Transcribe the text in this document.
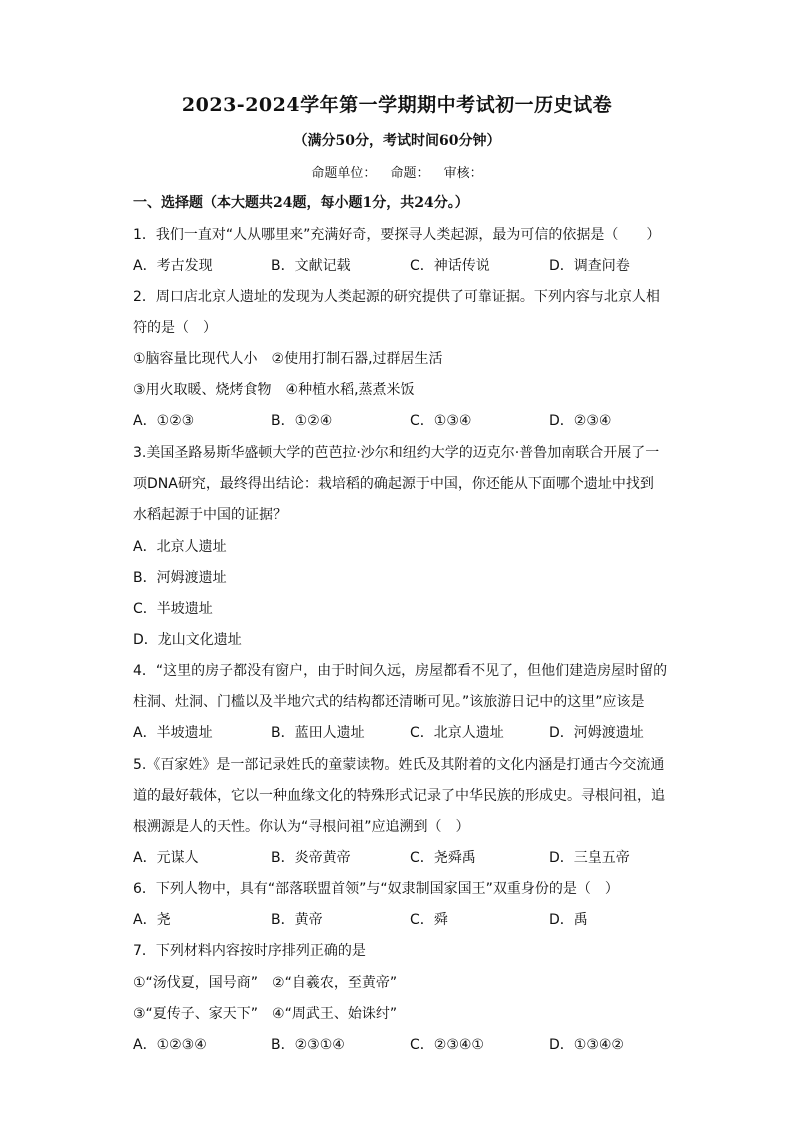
2023-2024学年第一学期期中考试初一历史试卷
（满分50分，考试时间60分钟）
命题单位： 命题： 审核：
一、选择题（本大题共24题，每小题1分，共24分。）
1．我们一直对“人从哪里来”充满好奇，要探寻人类起源，最为可信的依据是（　　）
A．考古发现	B．文献记载	C．神话传说	D．调查问卷
2．周口店北京人遗址的发现为人类起源的研究提供了可靠证据。下列内容与北京人相
符的是（　）
①脑容量比现代人小　②使用打制石器,过群居生活
③用火取暖、烧烤食物　④种植水稻,蒸煮米饭
A．①②③	B．①②④	C．①③④	D．②③④
3.美国圣路易斯华盛顿大学的芭芭拉·沙尔和纽约大学的迈克尔·普鲁加南联合开展了一
项DNA研究，最终得出结论：栽培稻的确起源于中国，你还能从下面哪个遗址中找到
水稻起源于中国的证据？
A．北京人遗址
B．河姆渡遗址
C．半坡遗址
D．龙山文化遗址
4．“这里的房子都没有窗户，由于时间久远，房屋都看不见了，但他们建造房屋时留的
柱洞、灶洞、门槛以及半地穴式的结构都还清晰可见。”该旅游日记中的这里”应该是
A．半坡遗址	B．蓝田人遗址	C．北京人遗址	D．河姆渡遗址
5.《百家姓》是一部记录姓氏的童蒙读物。姓氏及其附着的文化内涵是打通古今交流通
道的最好载体，它以一种血缘文化的特殊形式记录了中华民族的形成史。寻根问祖，追
根溯源是人的天性。你认为“寻根问祖”应追溯到（　）
A．元谋人	B．炎帝黄帝	C．尧舜禹	D．三皇五帝
6．下列人物中，具有“部落联盟首领”与“奴隶制国家国王”双重身份的是（　）
A．尧	B．黄帝	C．舜	D．禹
7．下列材料内容按时序排列正确的是
①“汤伐夏，国号商”　②“自羲农，至黄帝”
③“夏传子、家天下”　④“周武王、始诛纣”
A．①②③④	B．②③①④	C．②③④①	D．①③④②
